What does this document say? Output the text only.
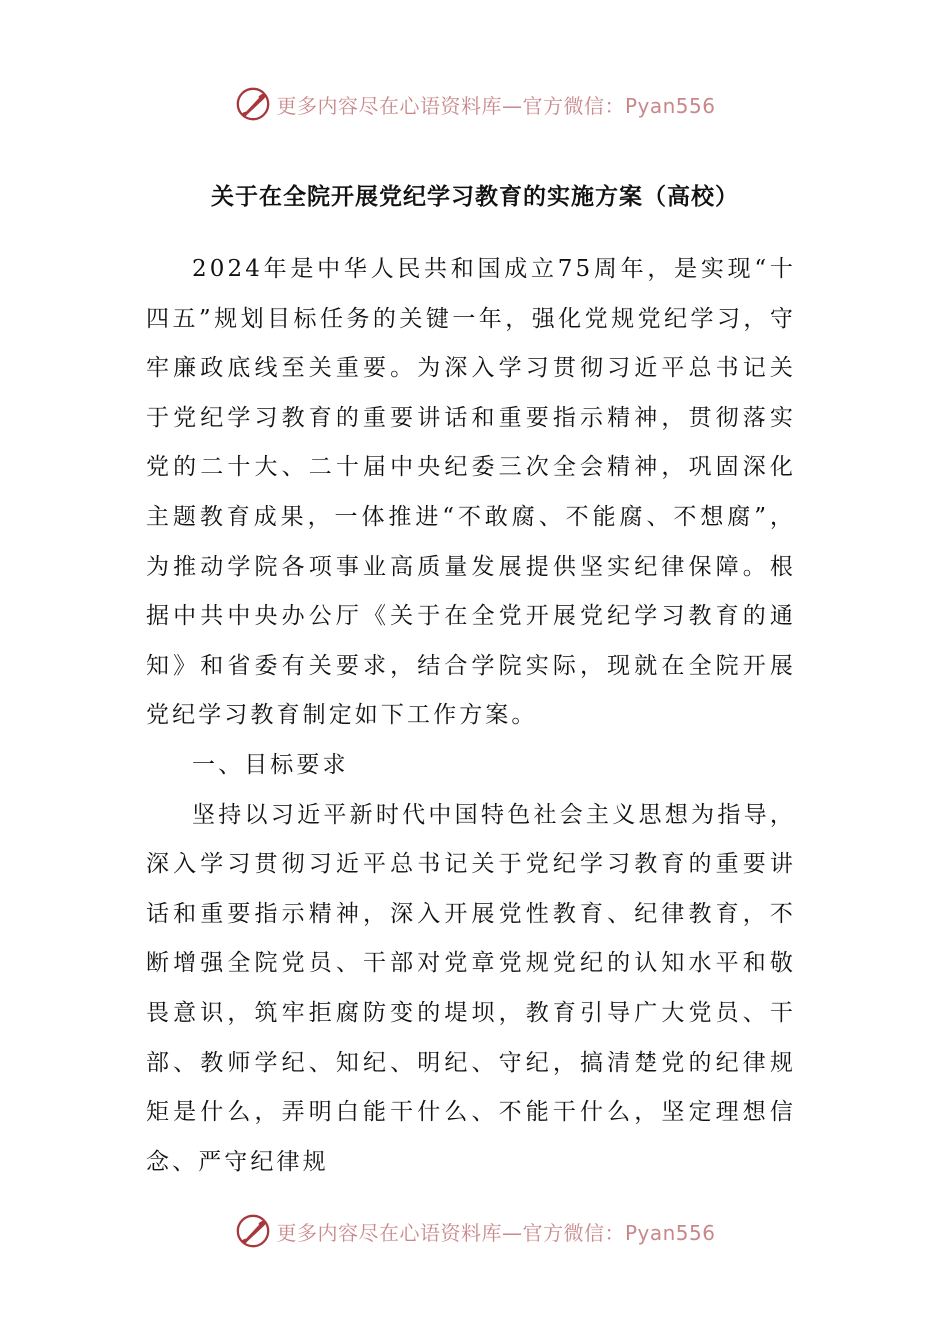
更多内容尽在心语资料库—官方微信：Pyan556
关于在全院开展党纪学习教育的实施方案（高校）

2024年是中华人民共和国成立75周年，是实现“十四五”规划目标任务的关键一年，强化党规党纪学习，守牢廉政底线至关重要。为深入学习贯彻习近平总书记关于党纪学习教育的重要讲话和重要指示精神，贯彻落实党的二十大、二十届中央纪委三次全会精神，巩固深化主题教育成果，一体推进“不敢腐、不能腐、不想腐”，为推动学院各项事业高质量发展提供坚实纪律保障。根据中共中央办公厅《关于在全党开展党纪学习教育的通知》和省委有关要求，结合学院实际，现就在全院开展党纪学习教育制定如下工作方案。

一、目标要求

坚持以习近平新时代中国特色社会主义思想为指导，深入学习贯彻习近平总书记关于党纪学习教育的重要讲话和重要指示精神，深入开展党性教育、纪律教育，不断增强全院党员、干部对党章党规党纪的认知水平和敬畏意识，筑牢拒腐防变的堤坝，教育引导广大党员、干部、教师学纪、知纪、明纪、守纪，搞清楚党的纪律规矩是什么，弄明白能干什么、不能干什么，坚定理想信念、严守纪律规

更多内容尽在心语资料库—官方微信：Pyan556
